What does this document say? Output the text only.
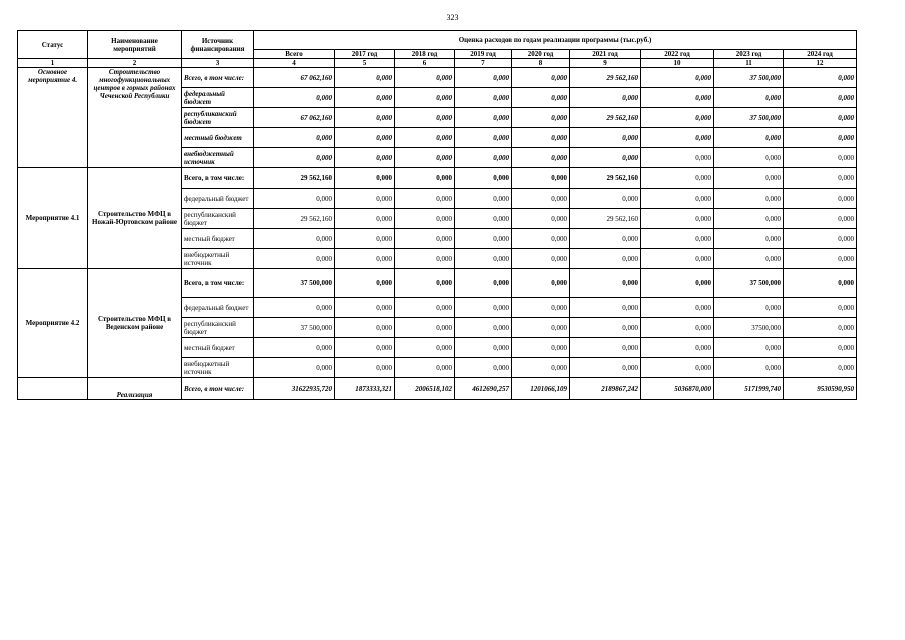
323
Статус	Наименование мероприятий	Источник финансирования	Оценка расходов по годам реализации программы (тыс.руб.)								
			Всего	2017 год	2018 год	2019 год	2020 год	2021 год	2022 год	2023 год	2024 год
1	2	3	4	5	6	7	8	9	10	11	12
Основное мероприятие 4.	Строительство многофункциональных центров в горных районах Чеченской Республики	Всего, в том числе:	67 062,160	0,000	0,000	0,000	0,000	29 562,160	0,000	37 500,000	0,000
		федеральный бюджет	0,000	0,000	0,000	0,000	0,000	0,000	0,000	0,000	0,000
		республиканский бюджет	67 062,160	0,000	0,000	0,000	0,000	29 562,160	0,000	37 500,000	0,000
		местный бюджет	0,000	0,000	0,000	0,000	0,000	0,000	0,000	0,000	0,000
		внебюджетный источник	0,000	0,000	0,000	0,000	0,000	0,000	0,000	0,000	0,000
Мероприятие 4.1	Строительство МФЦ в Ножай-Юртовском районе	Всего, в том числе:	29 562,160	0,000	0,000	0,000	0,000	29 562,160	0,000	0,000	0,000
		федеральный бюджет	0,000	0,000	0,000	0,000	0,000	0,000	0,000	0,000	0,000
		республиканский бюджет	29 562,160	0,000	0,000	0,000	0,000	29 562,160	0,000	0,000	0,000
		местный бюджет	0,000	0,000	0,000	0,000	0,000	0,000	0,000	0,000	0,000
		внебюджетный источник	0,000	0,000	0,000	0,000	0,000	0,000	0,000	0,000	0,000
Мероприятие 4.2	Строительство МФЦ в Веденском районе	Всего, в том числе:	37 500,000	0,000	0,000	0,000	0,000	0,000	0,000	37 500,000	0,000
		федеральный бюджет	0,000	0,000	0,000	0,000	0,000	0,000	0,000	0,000	0,000
		республиканский бюджет	37 500,000	0,000	0,000	0,000	0,000	0,000	0,000	37500,000	0,000
		местный бюджет	0,000	0,000	0,000	0,000	0,000	0,000	0,000	0,000	0,000
		внебюджетный источник	0,000	0,000	0,000	0,000	0,000	0,000	0,000	0,000	0,000
	Реализация	Всего, в том числе:	31622935,720	1873333,321	2006518,102	4612690,257	1201066,109	2189867,242	5036870,000	5171999,740	9530590,950
